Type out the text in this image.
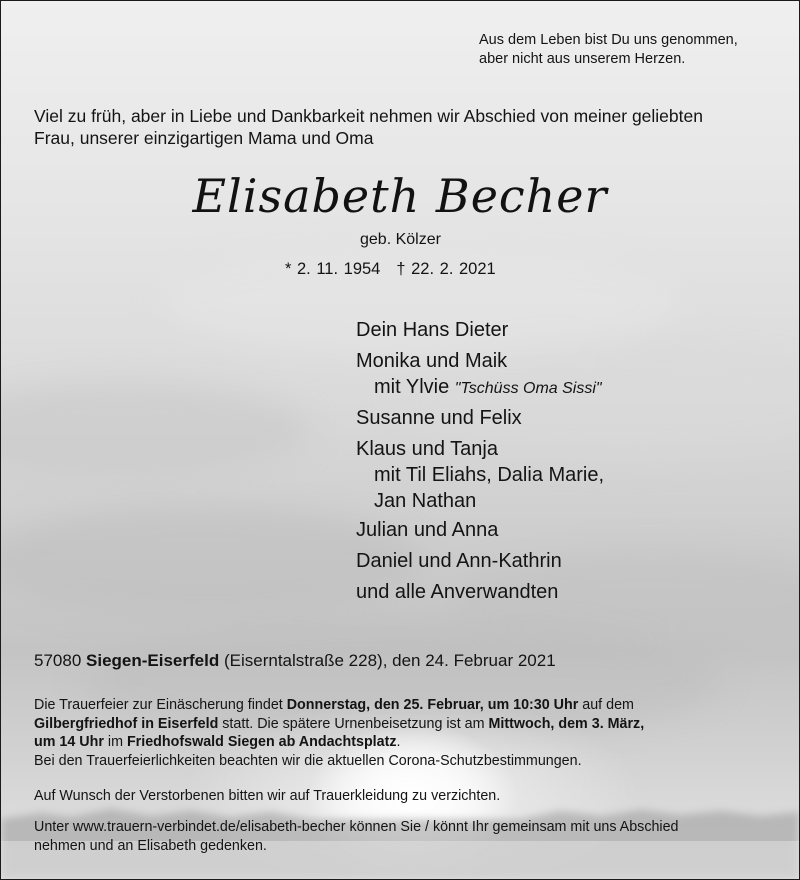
Aus dem Leben bist Du uns genommen,
aber nicht aus unserem Herzen.
Viel zu früh, aber in Liebe und Dankbarkeit nehmen wir Abschied von meiner geliebten
Frau, unserer einzigartigen Mama und Oma
Elisabeth Becher
geb. Kölzer
* 2. 11. 1954 † 22. 2. 2021
Dein Hans Dieter
Monika und Maik
mit Ylvie "Tschüss Oma Sissi"
Susanne und Felix
Klaus und Tanja
mit Til Eliahs, Dalia Marie,
Jan Nathan
Julian und Anna
Daniel und Ann-Kathrin
und alle Anverwandten
57080 Siegen-Eiserfeld (Eiserntalstraße 228), den 24. Februar 2021
Die Trauerfeier zur Einäscherung findet Donnerstag, den 25. Februar, um 10:30 Uhr auf dem
Gilbergfriedhof in Eiserfeld statt. Die spätere Urnenbeisetzung ist am Mittwoch, dem 3. März,
um 14 Uhr im Friedhofswald Siegen ab Andachtsplatz.
Bei den Trauerfeierlichkeiten beachten wir die aktuellen Corona-Schutzbestimmungen.
Auf Wunsch der Verstorbenen bitten wir auf Trauerkleidung zu verzichten.
Unter www.trauern-verbindet.de/elisabeth-becher können Sie / könnt Ihr gemeinsam mit uns Abschied
nehmen und an Elisabeth gedenken.
